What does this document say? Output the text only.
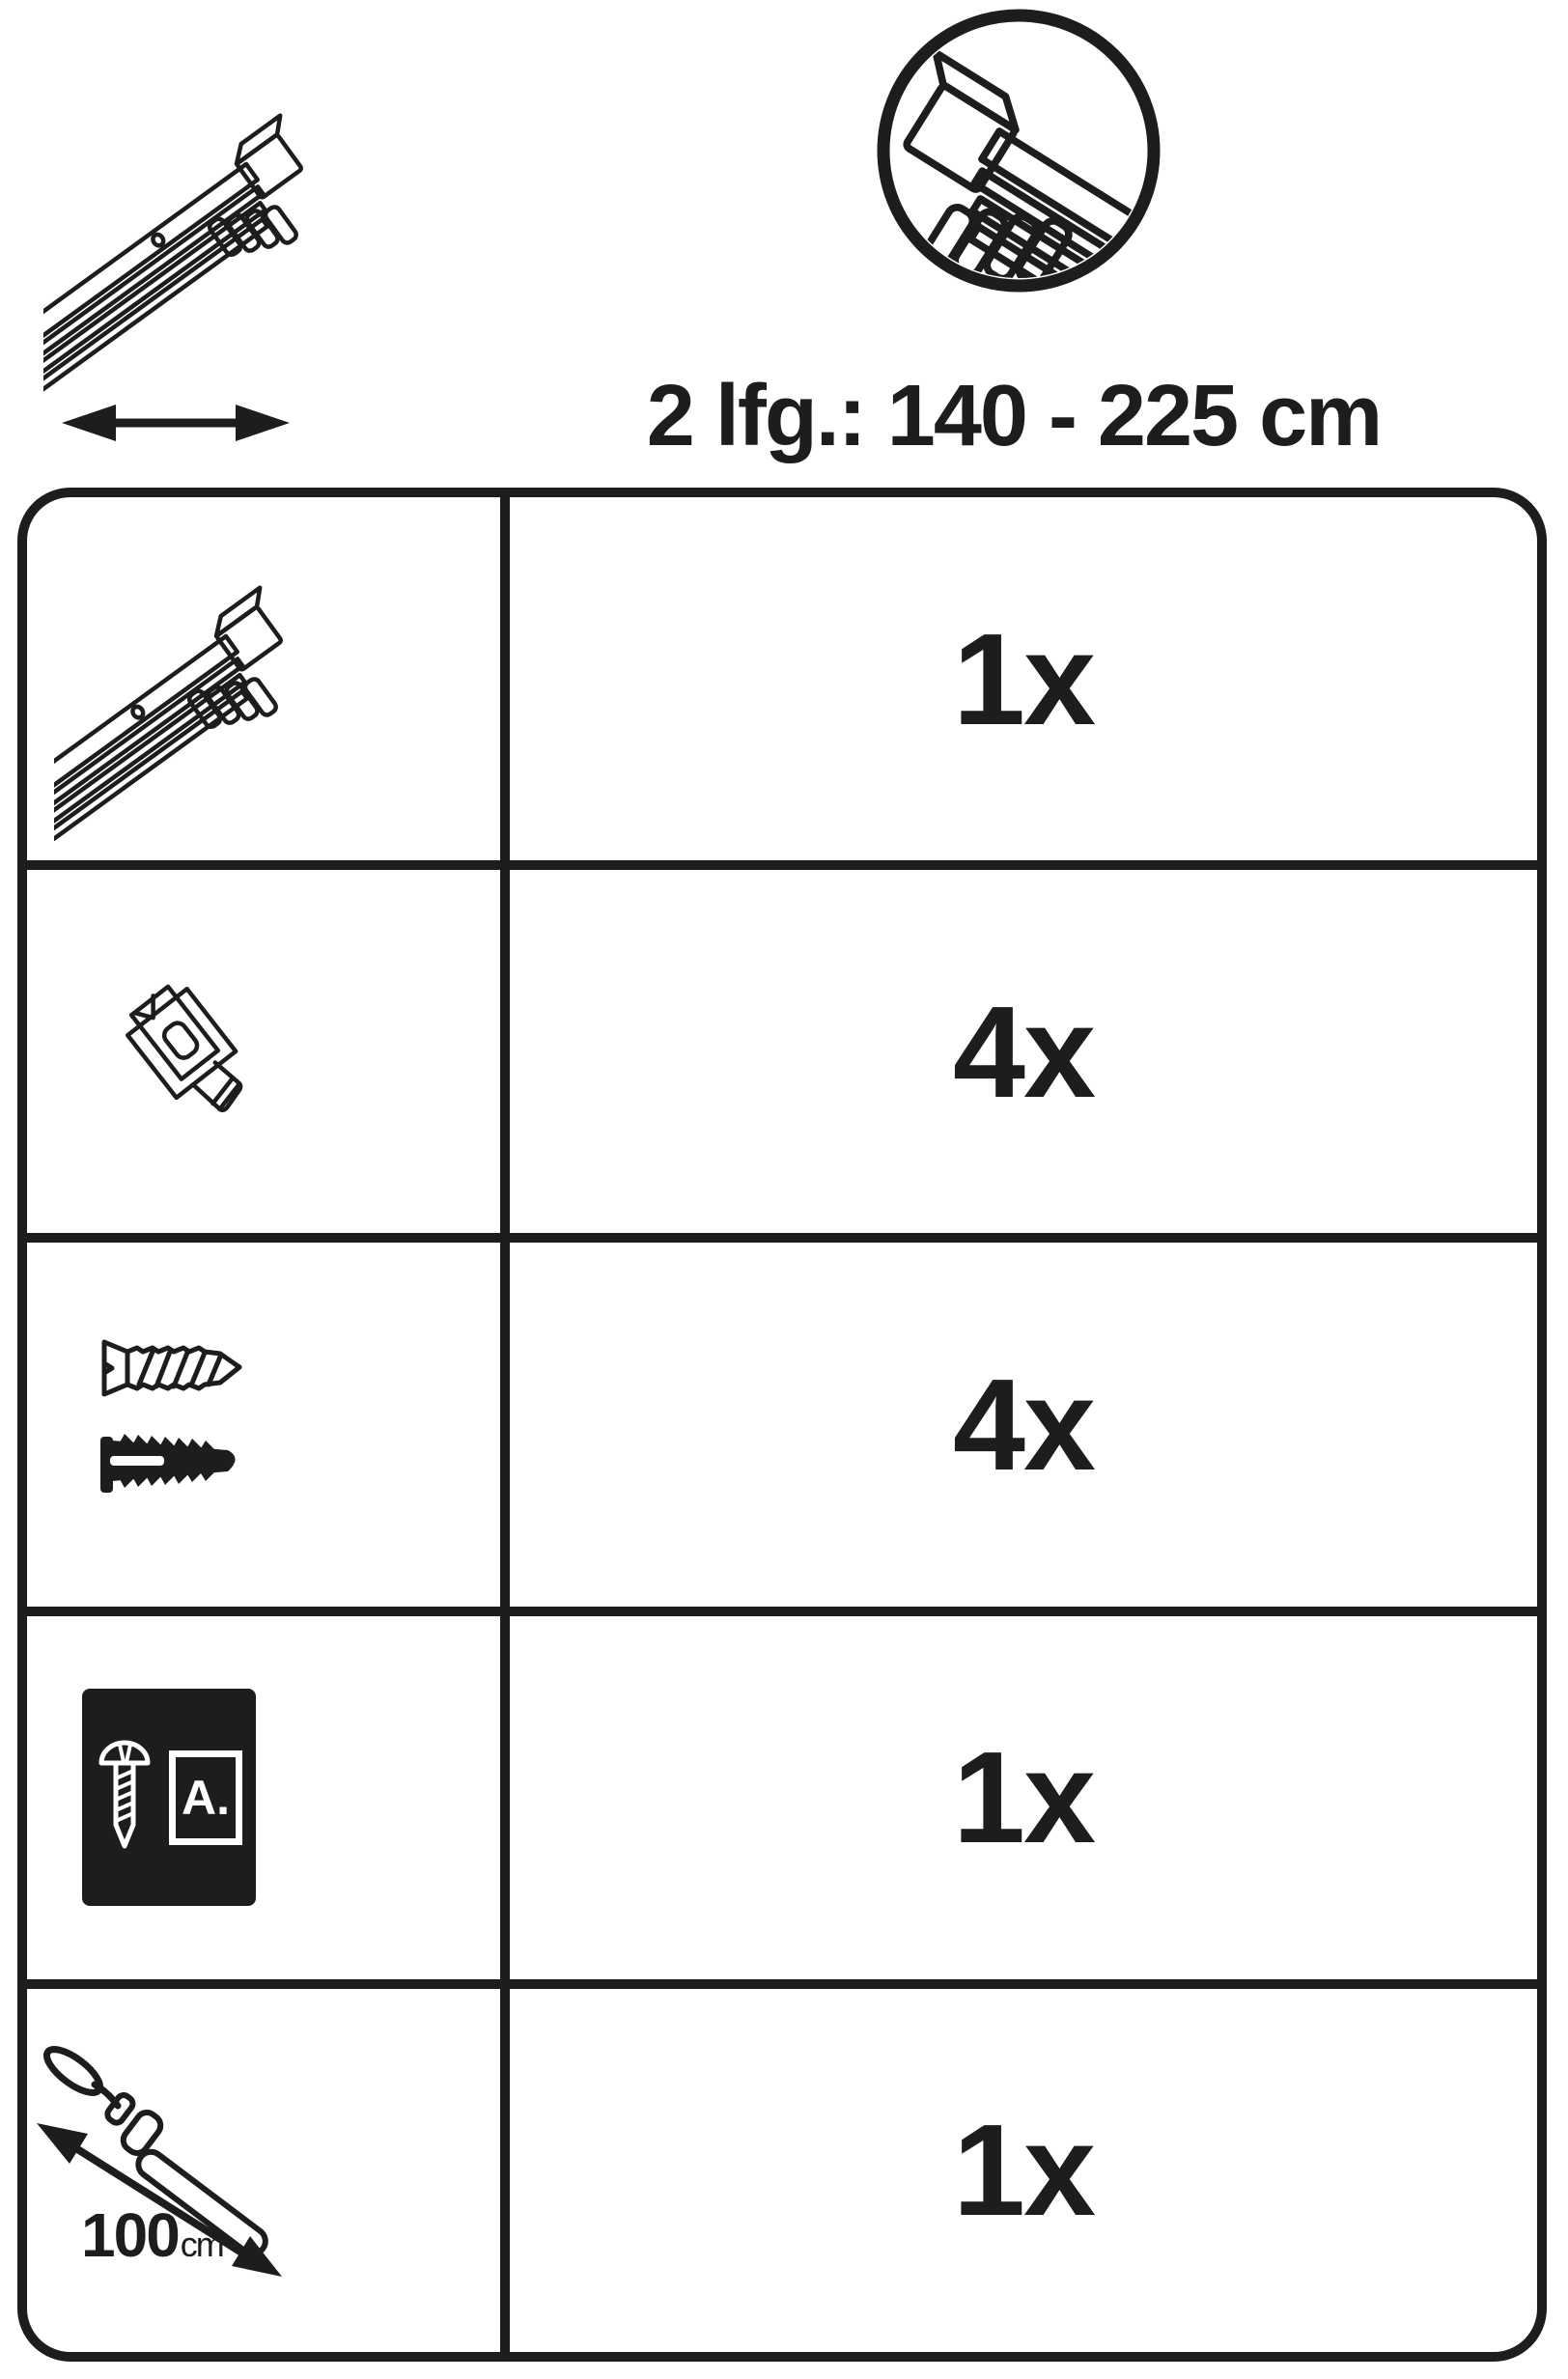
2 lfg.: 140 - 225 cm
1x
4x
4x
A.	1x
100 cm
1x
